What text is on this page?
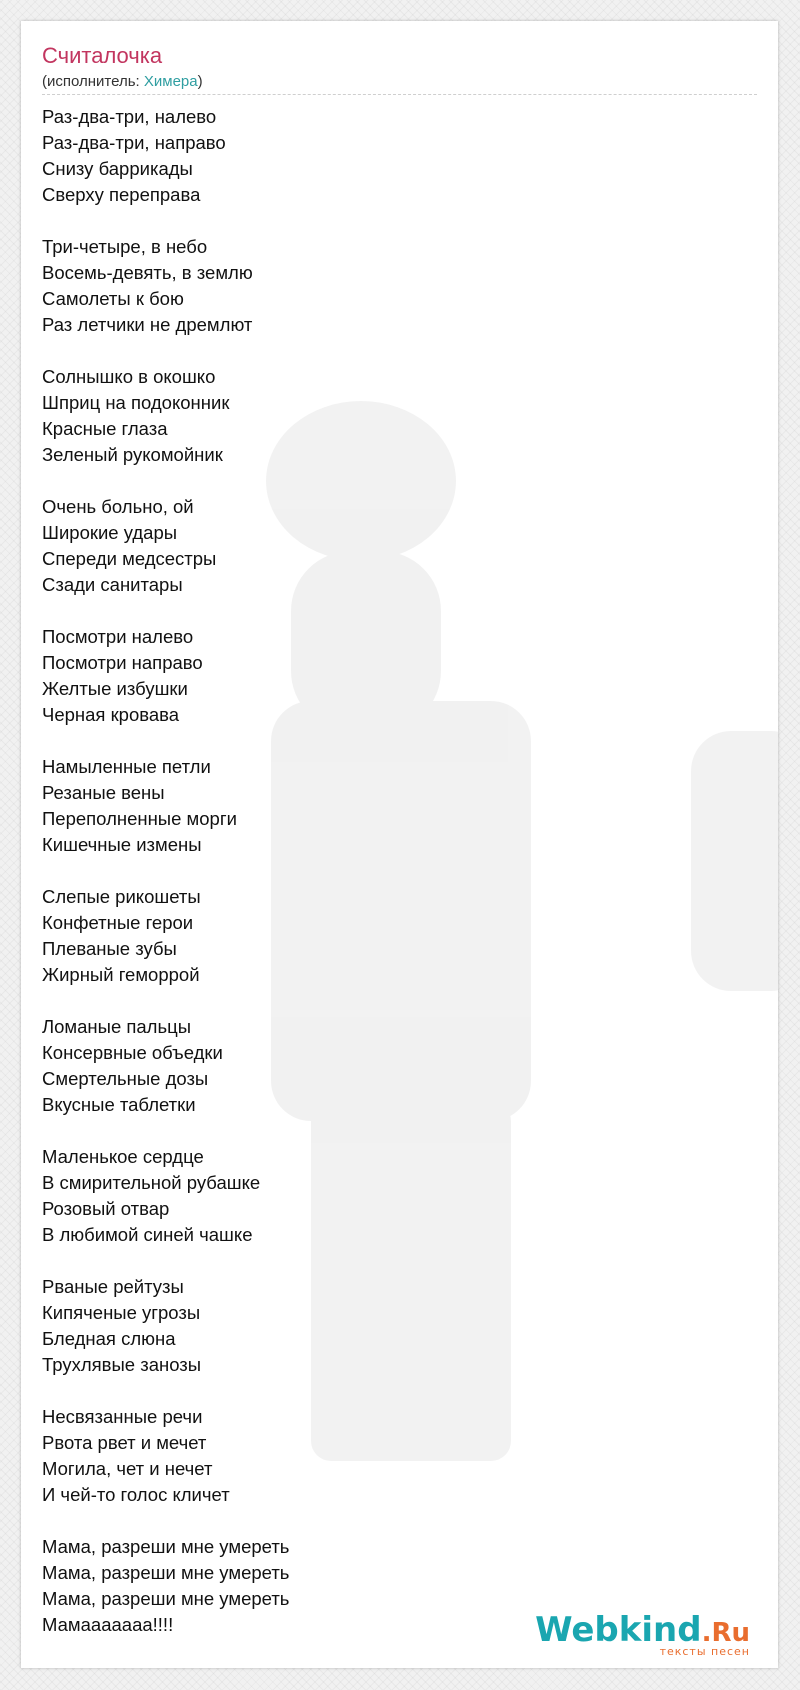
Считалочка
(исполнитель: Химера)
Раз-два-три, налево
Раз-два-три, направо
Снизу баррикады
Сверху переправа
Три-четыре, в небо
Восемь-девять, в землю
Самолеты к бою
Раз летчики не дремлют
Солнышко в окошко
Шприц на подоконник
Красные глаза
Зеленый рукомойник
Очень больно, ой
Широкие удары
Спереди медсестры
Сзади санитары
Посмотри налево
Посмотри направо
Желтые избушки
Черная кровава
Намыленные петли
Резаные вены
Переполненные морги
Кишечные измены
Слепые рикошеты
Конфетные герои
Плеваные зубы
Жирный геморрой
Ломаные пальцы
Консервные объедки
Смертельные дозы
Вкусные таблетки
Маленькое сердце
В смирительной рубашке
Розовый отвар
В любимой синей чашке
Рваные рейтузы
Кипяченые угрозы
Бледная слюна
Трухлявые занозы
Несвязанные речи
Рвота рвет и мечет
Могила, чет и нечет
И чей-то голос кличет
Мама, разреши мне умереть
Мама, разреши мне умереть
Мама, разреши мне умереть
Мамааааааа!!!!	Webkind.Ru
тексты песен
